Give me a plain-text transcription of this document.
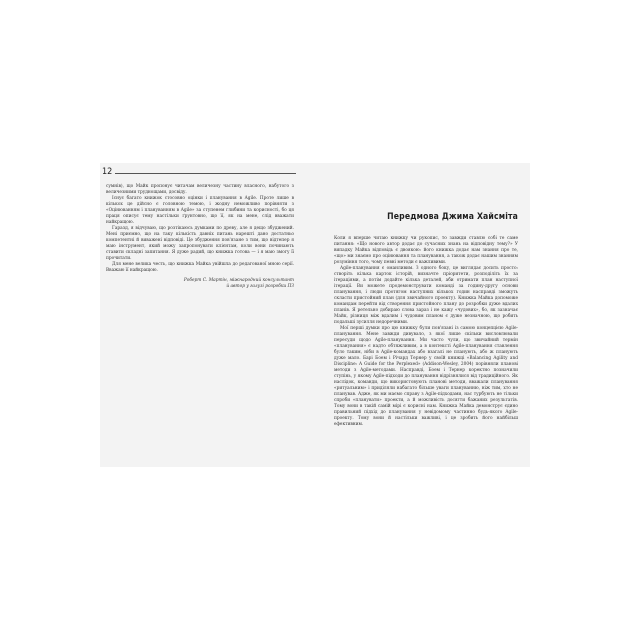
12

сумнів), що Майк пропонує читачам величезну частину власного, набутого з величезними труднощами, досвіду.

Існує багато книжок стосовно оцінки і планування в Agile. Проте лише в кількох це дійсно є головною темою, і жодну неможливо порівняти з «Оцінюванням і плануванням в Agile» за ступенем глибини та корисності, бо ця праця описує тему настільки ґрунтовно, що її, як на мене, слід вважати найкращою.

Гаразд, я відчуваю, що розтікаюсь думками по древу, але я дещо збуджений. Мені приємно, що на таку кількість давніх питань нарешті дано достатньо компетентні й виважені відповіді. Це збудження пов'язане з тим, що відтепер я маю інструмент, який можу запропонувати клієнтам, коли вони починають ставити складні запитання. Я дуже радий, що книжка готова — і я маю змогу її прочитати.

Для мене велика честь, що книжка Майка увійшла до редагованої мною серії. Вважаю її найкращою.

Роберт С. Мартін, міжнародний консультант
й автор у галузі розробки ПЗ

Передмова Джима Хайсміта

Коли я вперше читаю книжку чи рукопис, то завжди ставлю собі те саме питання: «Що нового автор додає до сучасних знань на відповідну тему?» У випадку Майка відповідь є двоякою: його книжка додає нам знання про те, «що» ми знаємо про оцінювання та планування, а також додає нашим знанням розуміння того, чому певні методи є важливими.

Agile-планування є оманливим. З одного боку, це виглядає досить просто: створіть кілька карток історій, визначте пріоритети, розподіліть їх за ітераціями, а потім додайте кілька деталей, аби отримати план наступної ітерації. Ви можете продемонструвати команді за годину-другу основи планування, і люди протягом наступних кількох годин насправді зможуть скласти пристойний план (для звичайного проекту). Книжка Майка допоможе командам перейти від створення пристойного плану до розробки дуже вдалих планів. Я ретельно добираю слова зараз і не кажу «чудових», бо, як зазначає Майк, різниця між вдалим і чудовим планом є дуже незначною, що робить подальші зусилля недоречними.

Мої перші думки про цю книжку були пов'язані із самою концепцією Agile-планування. Мене завжди дивувало, з якої лише скільки висловлювали пересуди щодо Agile-планування. Ми часто чули, що звичайний термін «планування» є надто обтяжливим, а в контексті Agile-планування ставлення було таким, ніби в Agile-командах або взагалі не планують, або ж планують дуже мало. Барі Боем і Річард Тернер у своїй книжці «Balancing Agility and Discipline: A Guide for the Perplexed» (Addison-Wesley, 2004) порівняли планові методи з Agile-методами. Насправді, Боем і Тернер коректно позначили ступінь, у якому Agile-підходи до планування відрізнялися від традиційного. Як наслідок, команди, що використовують планові методи, вважали планування «ритуальним» і приділяли набагато більше уваги плануванню, ніж тим, хто не планував. Адже, як ми маємо справу з Agile-підходами, нас турбують не тільки спроби «планувати» проекти, а й можливість досягти бажаних результатів. Тому вони в такій самій мірі є корисні нам. Книжка Майка демонструє єдино правильний підхід до планування у невідомому частинно будь-якого Agile-проекту. Тому вони й настільки важливі, і це зробить його найбільш ефективним.
